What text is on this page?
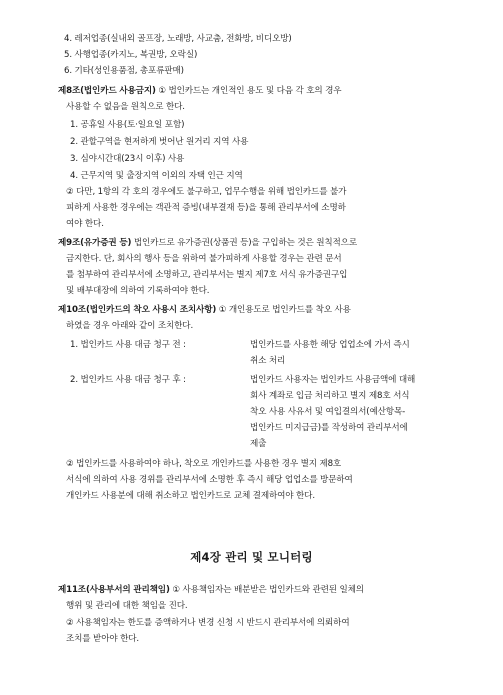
4. 레저업종(실내외 골프장, 노래방, 사교춤, 전화방, 비디오방)
5. 사행업종(카지노, 복권방, 오락실)
6. 기타(성인용품점, 총포류판매)
제8조(법인카드 사용금지) ① 법인카드는 개인적인 용도 및 다음 각 호의 경우
사용할 수 없음을 원칙으로 한다.
1. 공휴일 사용(토·일요일 포함)
2. 관할구역을 현저하게 벗어난 원거리 지역 사용
3. 심야시간대(23시 이후) 사용
4. 근무지역 및 출장지역 이외의 자택 인근 지역
② 다만, 1항의 각 호의 경우에도 불구하고, 업무수행을 위해 법인카드를 불가
피하게 사용한 경우에는 객관적 증빙(내부결재 등)을 통해 관리부서에 소명하
여야 한다.
제9조(유가증권 등) 법인카드로 유가증권(상품권 등)을 구입하는 것은 원칙적으로
금지한다. 단, 회사의 행사 등을 위하여 불가피하게 사용할 경우는 관련 문서
를 첨부하여 관리부서에 소명하고, 관리부서는 별지 제7호 서식 유가증권구입
및 배부대장에 의하여 기록하여야 한다.
제10조(법인카드의 착오 사용시 조치사항) ① 개인용도로 법인카드를 착오 사용
하였을 경우 아래와 같이 조치한다.
1. 법인카드 사용 대금 청구 전 :	법인카드를 사용한 해당 업업소에 가서 즉시
취소 처리
2. 법인카드 사용 대금 청구 후 :	법인카드 사용자는 법인카드 사용금액에 대해
회사 계좌로 입금 처리하고 별지 제8호 서식
착오 사용 사유서 및 여입결의서(예산항목-
법인카드 미지급금)를 작성하여 관리부서에
제출
② 법인카드를 사용하여야 하나, 착오로 개인카드를 사용한 경우 별지 제8호
서식에 의하여 사용 경위를 관리부서에 소명한 후 즉시 해당 업업소를 방문하여
개인카드 사용분에 대해 취소하고 법인카드로 교체 결제하여야 한다.
제4장 관리 및 모니터링
제11조(사용부서의 관리책임) ① 사용책임자는 배분받은 법인카드와 관련된 일체의
행위 및 관리에 대한 책임을 진다.
② 사용책임자는 한도를 증액하거나 변경 신청 시 반드시 관리부서에 의뢰하여
조치를 받아야 한다.
